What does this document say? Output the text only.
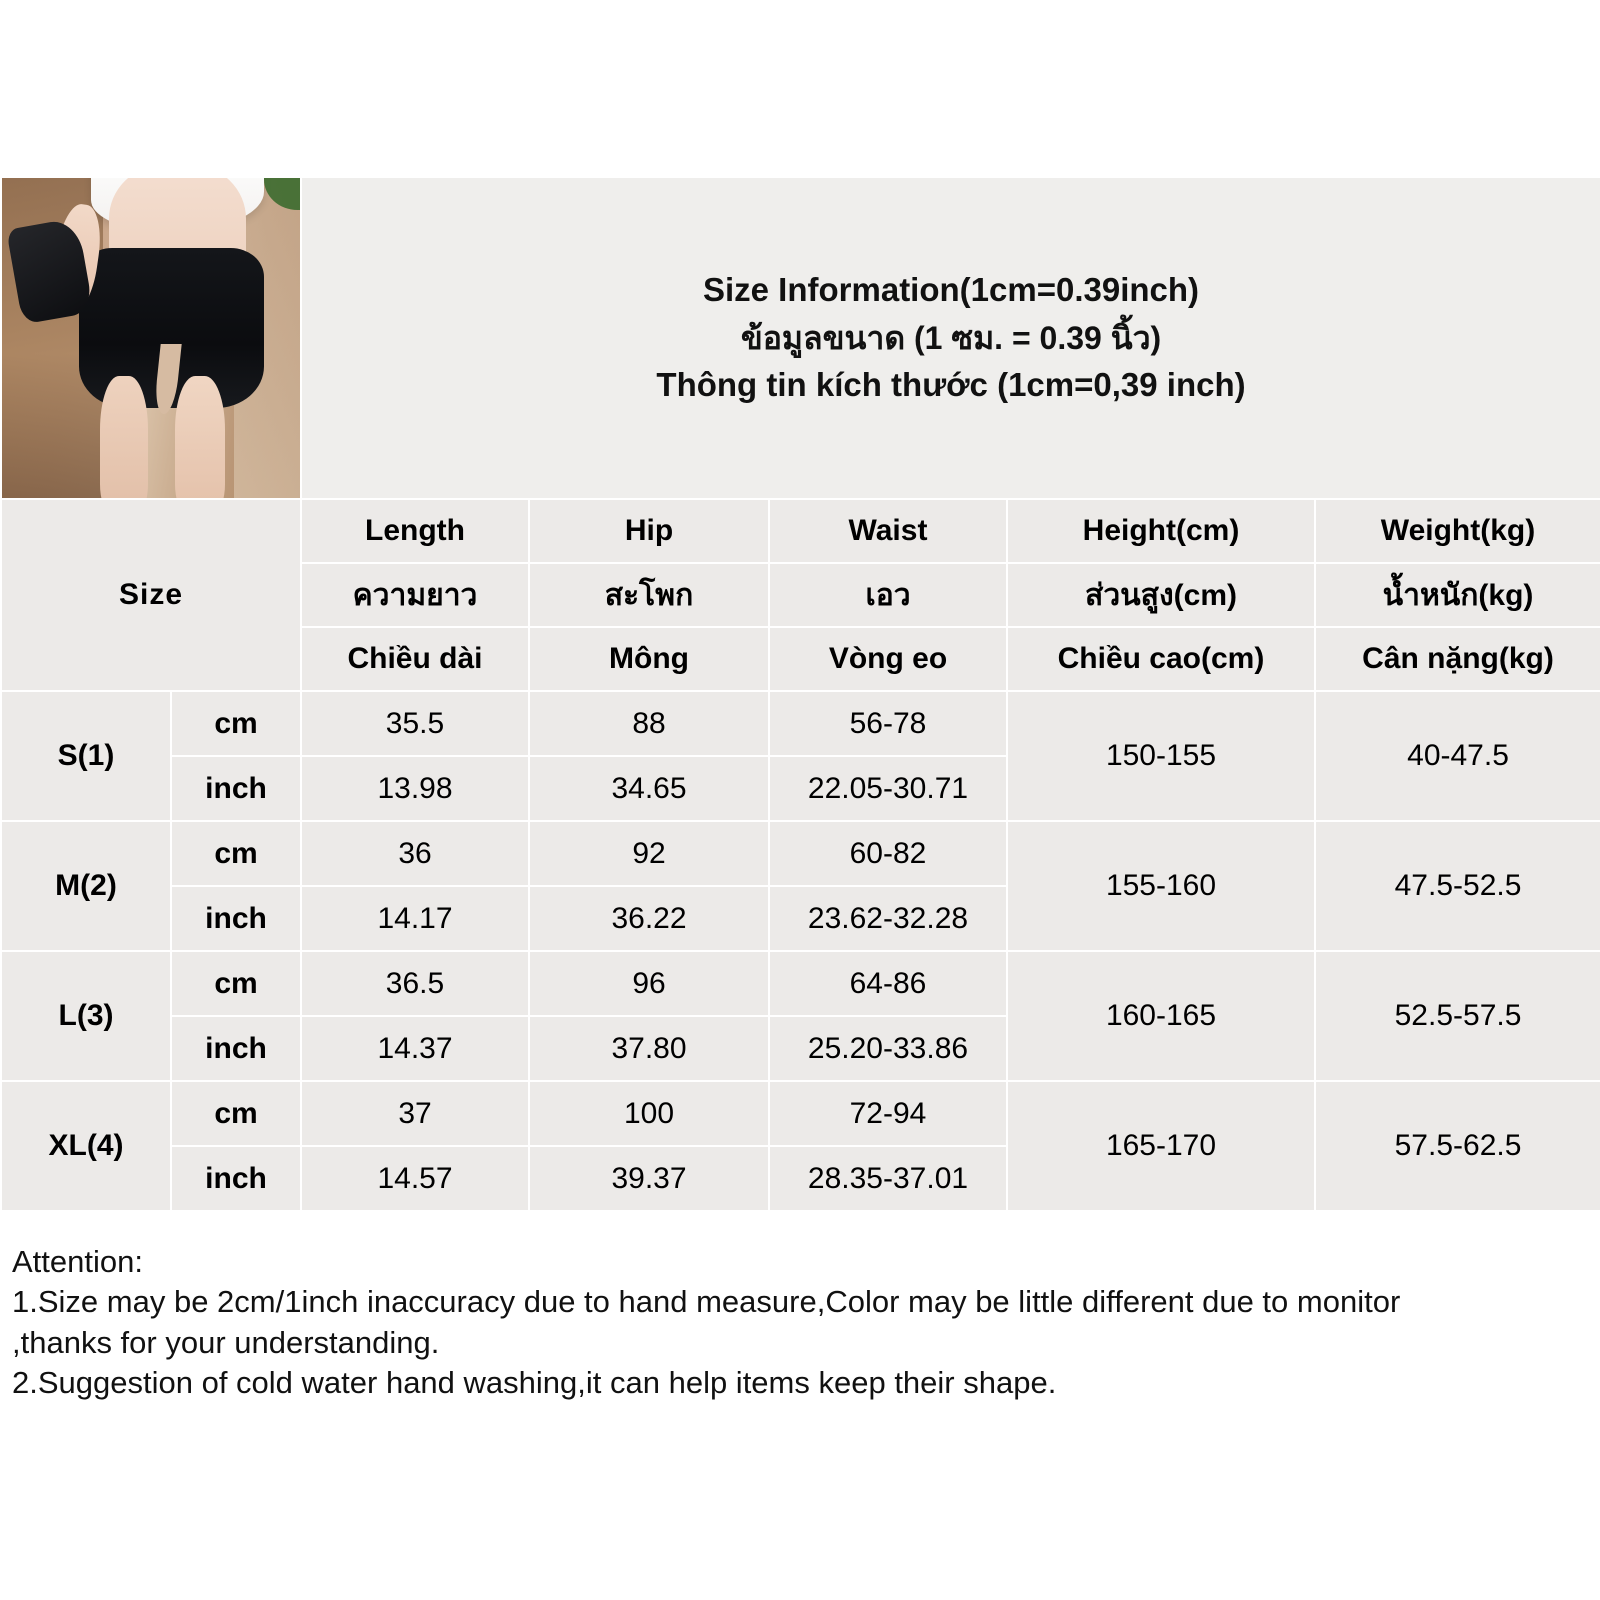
		Size Information(1cm=0.39inch)
ข้อมูลขนาด (1 ซม. = 0.39 นิ้ว)
Thông tin kích thước (1cm=0,39 inch)				

Size		Length	Hip	Waist	Height(cm)	Weight(kg)
		ความยาว	สะโพก	เอว	ส่วนสูง(cm)	น้ำหนัก(kg)
		Chiều dài	Mông	Vòng eo	Chiều cao(cm)	Cân nặng(kg)
S(1)	cm	35.5	88	56-78	150-155	40-47.5
	inch	13.98	34.65	22.05-30.71		
M(2)	cm	36	92	60-82	155-160	47.5-52.5
	inch	14.17	36.22	23.62-32.28		
L(3)	cm	36.5	96	64-86	160-165	52.5-57.5
	inch	14.37	37.80	25.20-33.86		
XL(4)	cm	37	100	72-94	165-170	57.5-62.5
	inch	14.57	39.37	28.35-37.01		

Attention:

1.Size may be 2cm/1inch inaccuracy due to hand measure,Color may be little different due to monitor

,thanks for your understanding.

2.Suggestion of cold water hand washing,it can help items keep their shape.
